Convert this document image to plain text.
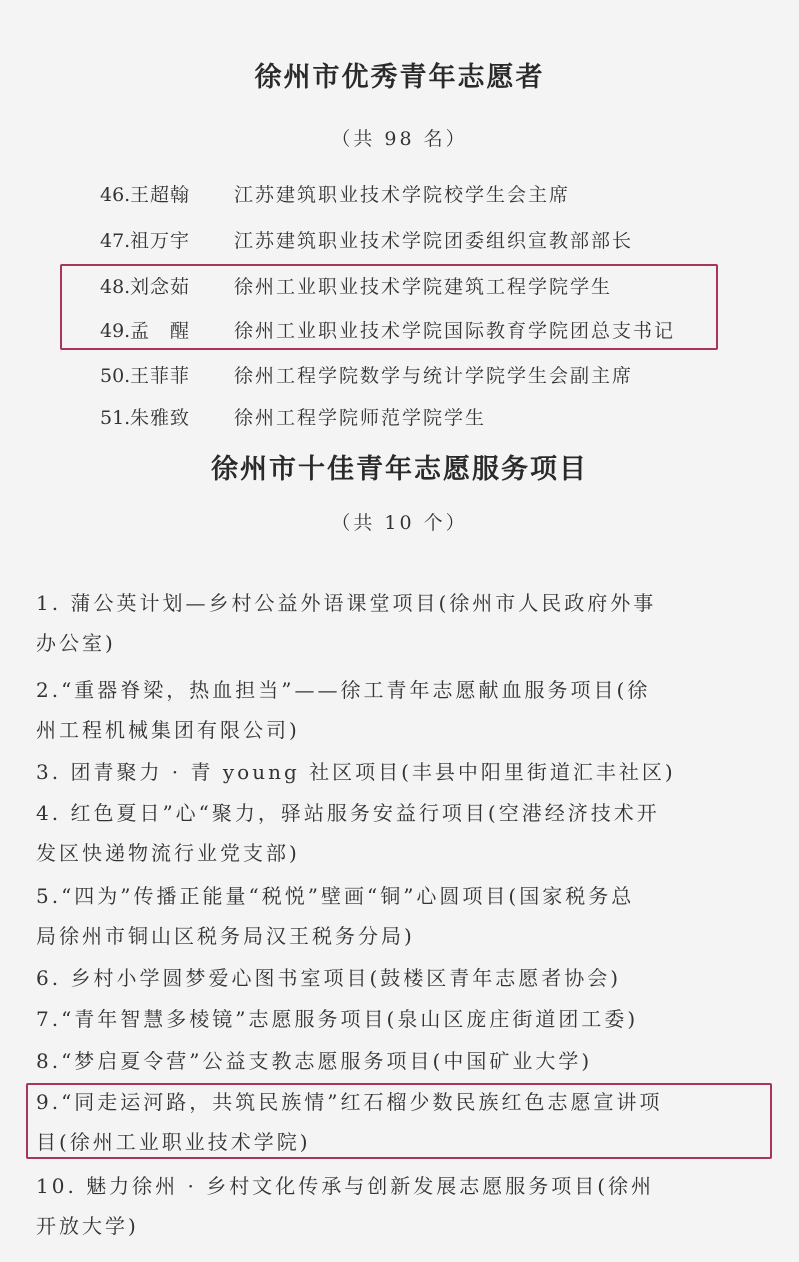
徐州市优秀青年志愿者
（共 98 名）
46.王超翰 江苏建筑职业技术学院校学生会主席
47.祖万宇 江苏建筑职业技术学院团委组织宣教部部长
48.刘念茹 徐州工业职业技术学院建筑工程学院学生
49.孟　醒 徐州工业职业技术学院国际教育学院团总支书记
50.王菲菲 徐州工程学院数学与统计学院学生会副主席
51.朱雅致 徐州工程学院师范学院学生
徐州市十佳青年志愿服务项目
（共 10 个）
1. 蒲公英计划—乡村公益外语课堂项目(徐州市人民政府外事
办公室)
2.“重器脊梁，热血担当”——徐工青年志愿献血服务项目(徐
州工程机械集团有限公司)
3. 团青聚力 · 青 young 社区项目(丰县中阳里街道汇丰社区)
4. 红色夏日”心“聚力，驿站服务安益行项目(空港经济技术开
发区快递物流行业党支部)
5.“四为”传播正能量“税悦”壁画“铜”心圆项目(国家税务总
局徐州市铜山区税务局汉王税务分局)
6. 乡村小学圆梦爱心图书室项目(鼓楼区青年志愿者协会)
7.“青年智慧多棱镜”志愿服务项目(泉山区庞庄街道团工委)
8.“梦启夏令营”公益支教志愿服务项目(中国矿业大学)
9.“同走运河路，共筑民族情”红石榴少数民族红色志愿宣讲项
目(徐州工业职业技术学院)
10. 魅力徐州 · 乡村文化传承与创新发展志愿服务项目(徐州
开放大学)
